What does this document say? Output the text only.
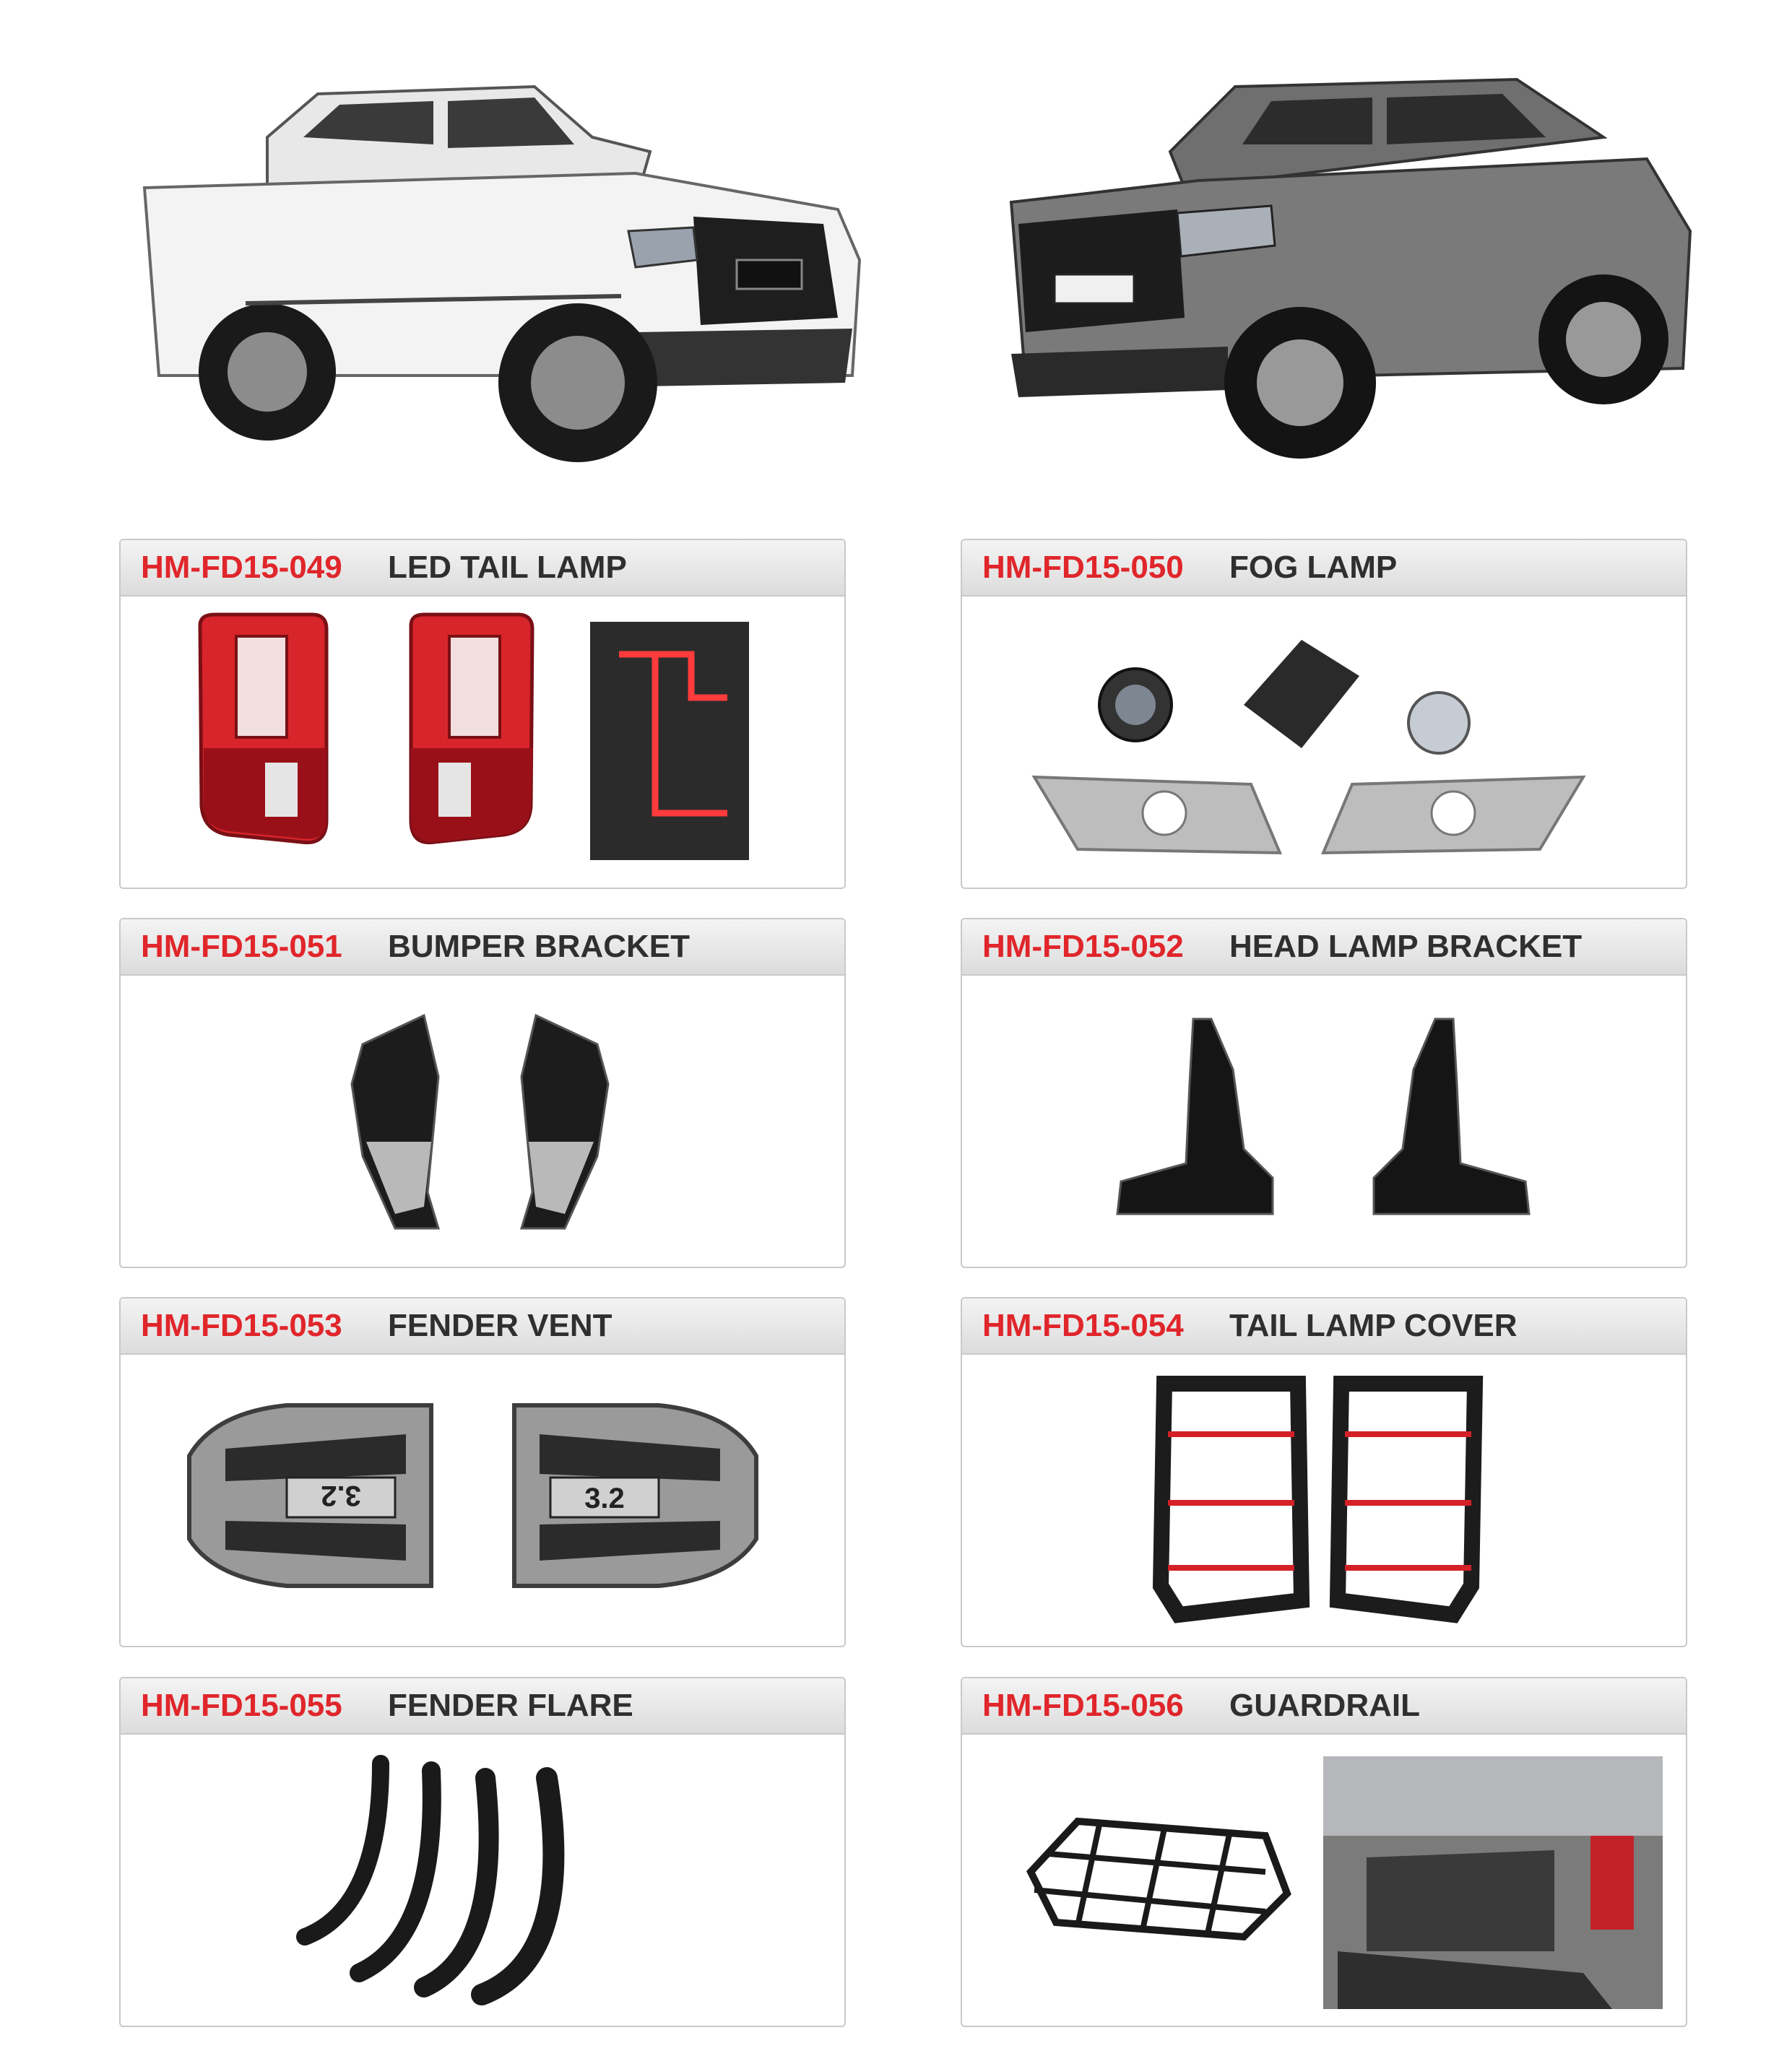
HM-FD15-049	LED TAIL LAMP	HM-FD15-050	FOG LAMP
HM-FD15-051	BUMPER BRACKET	HM-FD15-052	HEAD LAMP BRACKET
HM-FD15-053	FENDER VENT
3.2	3.2
HM-FD15-054	TAIL LAMP COVER
HM-FD15-055	FENDER FLARE	HM-FD15-056	GUARDRAIL
